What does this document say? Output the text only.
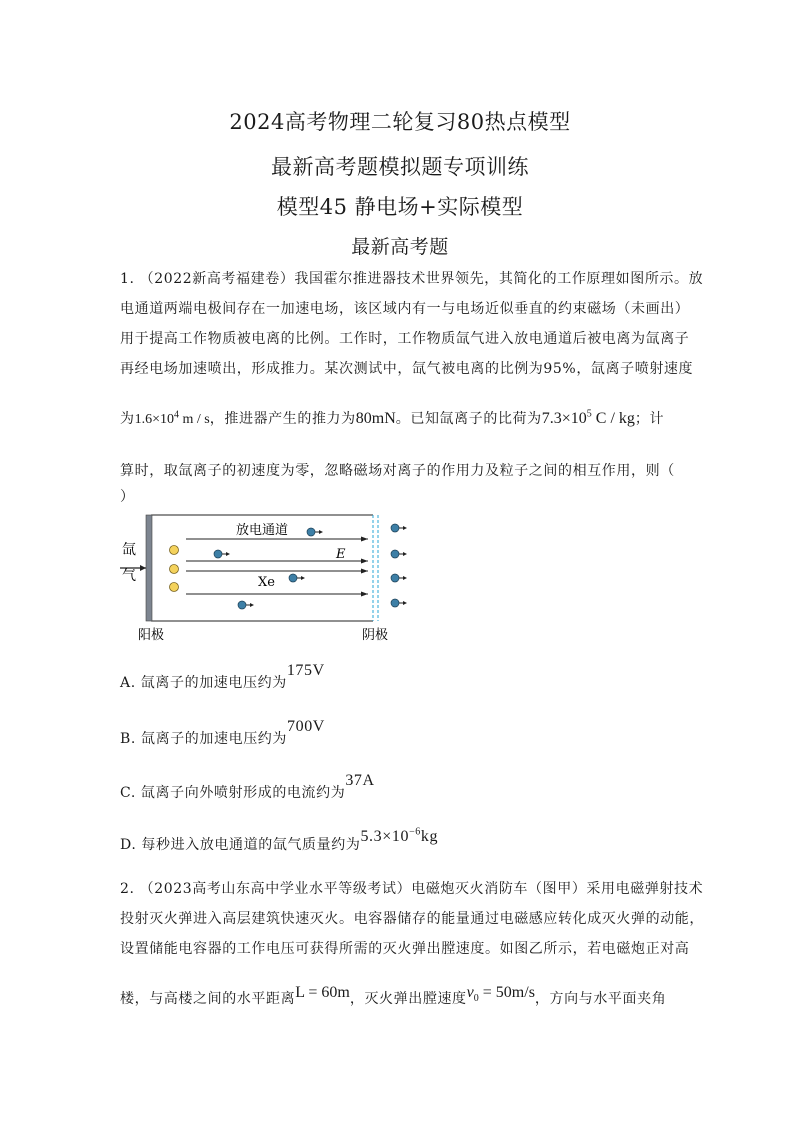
2024高考物理二轮复习80热点模型
最新高考题模拟题专项训练
模型45 静电场+实际模型
最新高考题
1. （2022新高考福建卷）我国霍尔推进器技术世界领先，其简化的工作原理如图所示。放
电通道两端电极间存在一加速电场，该区域内有一与电场近似垂直的约束磁场（未画出）
用于提高工作物质被电离的比例。工作时，工作物质氙气进入放电通道后被电离为氙离子
再经电场加速喷出，形成推力。某次测试中，氙气被电离的比例为95%，氙离子喷射速度
为$1.6\times 10^4$ m / s，推进器产生的推力为80mN。已知氙离子的比荷为$7.3\times 10^5$ C / kg；计
算时，取氙离子的初速度为零，忽略磁场对离子的作用力及粒子之间的相互作用，则（
）
氙
气
放电通道
E
Xe
阳极	阴极
A. 氙离子的加速电压约为175V
B. 氙离子的加速电压约为700V
C. 氙离子向外喷射形成的电流约为37A
D. 每秒进入放电通道的氙气质量约为$5.3\times 10^{-6}kg$
2. （2023高考山东高中学业水平等级考试）电磁炮灭火消防车（图甲）采用电磁弹射技术
投射灭火弹进入高层建筑快速灭火。电容器储存的能量通过电磁感应转化成灭火弹的动能，
设置储能电容器的工作电压可获得所需的灭火弹出膛速度。如图乙所示，若电磁炮正对高
楼，与高楼之间的水平距离L = 60m，灭火弹出膛速度$v_0 = 50m/s$，方向与水平面夹角
